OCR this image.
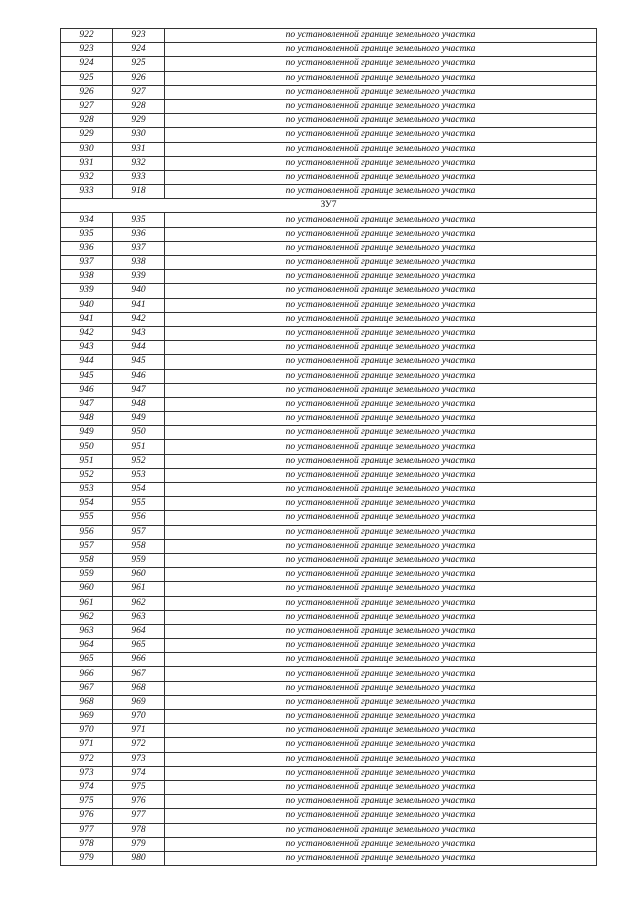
922	923	по установленной границе земельного участка
923	924	по установленной границе земельного участка
924	925	по установленной границе земельного участка
925	926	по установленной границе земельного участка
926	927	по установленной границе земельного участка
927	928	по установленной границе земельного участка
928	929	по установленной границе земельного участка
929	930	по установленной границе земельного участка
930	931	по установленной границе земельного участка
931	932	по установленной границе земельного участка
932	933	по установленной границе земельного участка
933	918	по установленной границе земельного участка
ЗУ7		
934	935	по установленной границе земельного участка
935	936	по установленной границе земельного участка
936	937	по установленной границе земельного участка
937	938	по установленной границе земельного участка
938	939	по установленной границе земельного участка
939	940	по установленной границе земельного участка
940	941	по установленной границе земельного участка
941	942	по установленной границе земельного участка
942	943	по установленной границе земельного участка
943	944	по установленной границе земельного участка
944	945	по установленной границе земельного участка
945	946	по установленной границе земельного участка
946	947	по установленной границе земельного участка
947	948	по установленной границе земельного участка
948	949	по установленной границе земельного участка
949	950	по установленной границе земельного участка
950	951	по установленной границе земельного участка
951	952	по установленной границе земельного участка
952	953	по установленной границе земельного участка
953	954	по установленной границе земельного участка
954	955	по установленной границе земельного участка
955	956	по установленной границе земельного участка
956	957	по установленной границе земельного участка
957	958	по установленной границе земельного участка
958	959	по установленной границе земельного участка
959	960	по установленной границе земельного участка
960	961	по установленной границе земельного участка
961	962	по установленной границе земельного участка
962	963	по установленной границе земельного участка
963	964	по установленной границе земельного участка
964	965	по установленной границе земельного участка
965	966	по установленной границе земельного участка
966	967	по установленной границе земельного участка
967	968	по установленной границе земельного участка
968	969	по установленной границе земельного участка
969	970	по установленной границе земельного участка
970	971	по установленной границе земельного участка
971	972	по установленной границе земельного участка
972	973	по установленной границе земельного участка
973	974	по установленной границе земельного участка
974	975	по установленной границе земельного участка
975	976	по установленной границе земельного участка
976	977	по установленной границе земельного участка
977	978	по установленной границе земельного участка
978	979	по установленной границе земельного участка
979	980	по установленной границе земельного участка
